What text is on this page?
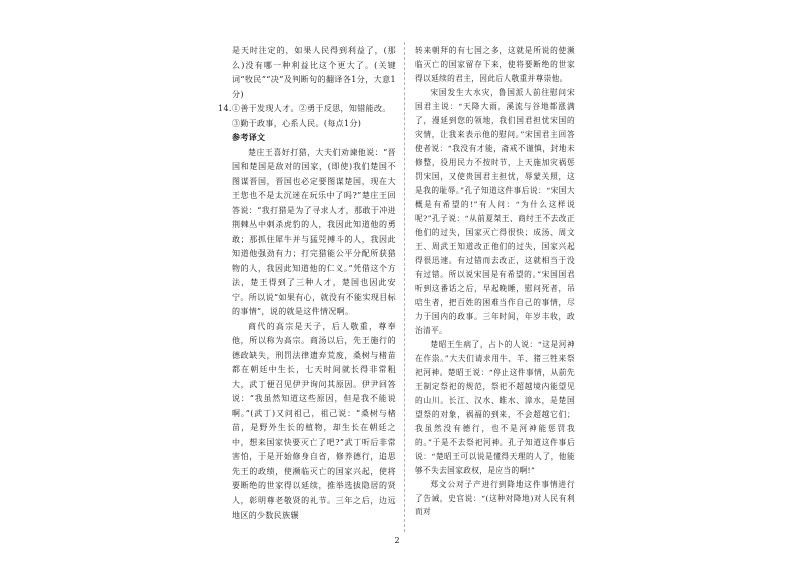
是天时注定的，如果人民得到利益了，(那么)没有哪一种利益比这个更大了。(关键词“牧民”“决”及判断句的翻译各1分，大意1分)

14. ①善于发现人才。②勇于反思，知错能改。③勤于政事，心系人民。(每点1分)

参考译文

楚庄王喜好打猎，大夫们劝谏他说：“晋国和楚国是敌对的国家，(即使)我们楚国不图谋晋国，晋国也必定要图谋楚国，现在大王您也不是太沉迷在玩乐中了吗?”楚庄王回答说：“我打猎是为了寻求人才，那敢于冲进荆棘丛中刺杀虎豹的人，我因此知道他的勇敢；那抓住犀牛并与猛兕搏斗的人，我因此知道他强劲有力；打完猎能公平分配所获猎物的人，我因此知道他的仁义。”凭借这个方法，楚王得到了三种人才，楚国也因此安宁。所以说“如果有心，就没有不能实现目标的事情”，说的就是这件情况啊。

商代的高宗是天子，后人敬重，尊奉他，所以称为高宗。商汤以后，先王施行的德政缺失，刑罚法律遗弃荒废，桑树与楮苗都在朝廷中生长，七天时间就长得非常粗大，武丁便召见伊尹询问其原因。伊尹回答说：“我虽然知道这些原因，但是我不能说啊。”(武丁)又问祖己，祖己说：“桑树与楮苗，是野外生长的植物，却生长在朝廷之中，想来国家快要灭亡了吧?”武丁听后非常害怕，于是开始修身自省，修养德行，追思先王的政绩，使濒临灭亡的国家兴起，使将要断绝的世家得以延续，推举选拔隐居的贤人，彰明尊老敬贤的礼节。三年之后，边远地区的少数民族辗

转来朝拜的有七国之多，这就是所说的使濒临灭亡的国家留存下来，使将要断绝的世家得以延续的君主，因此后人敬重并尊崇他。

宋国发生大水灾，鲁国派人前往慰问宋国君主说：“天降大雨，溪流与谷地都涨满了，漫延到您的领地，我们国君担忧宋国的灾情，让我来表示他的慰问。”宋国君主回答使者说：“我没有才能，斋戒不谨慎，封地未修整，役用民力不按时节，上天施加灾祸惩罚宋国，又使贵国君主担忧，辱蒙关照，这是我的耻辱。”孔子知道这件事后说：“宋国大概是有希望的!”有人问：“为什么这样说呢?”孔子说：“从前夏桀王、商纣王不去改正他们的过失，国家灭亡得很快；成汤、周文王、周武王知道改正他们的过失，国家兴起得很迅速。有过错而去改正，这就相当于没有过错。所以说宋国是有希望的。”宋国国君听到这番话之后，早起晚睡，慰问死者，吊唁生者，把百姓的困难当作自己的事情，尽力于国内的政事。三年时间，年岁丰收，政治清平。

楚昭王生病了，占卜的人说：“这是河神在作祟。”大夫们请求用牛、羊、猪三牲来祭祀河神。楚昭王说：“停止这件事情，从前先王制定祭祀的规范，祭祀不超越境内能望见的山川。长江、汉水、睢水、漳水，是楚国望祭的对象，祸福的到来，不会超越它们；我虽然没有德行，也不是河神能惩罚我的。”于是不去祭祀河神。孔子知道这件事后说：“楚昭王可以说是懂得天理的人了，他能够不失去国家政权，是应当的啊!”

郑文公对子产进行到降地这件事情进行了告诫，史官说：“(这种对降地)对人民有利而对

2
